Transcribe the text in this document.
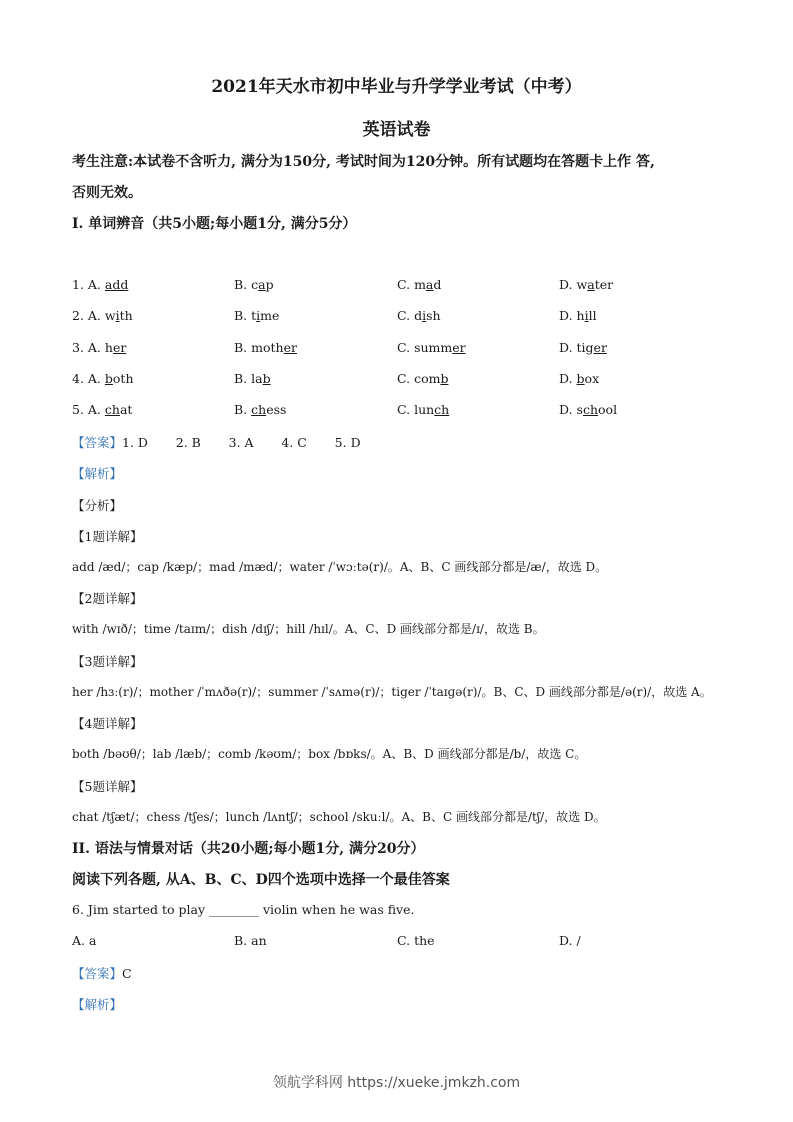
2021年天水市初中毕业与升学学业考试（中考）
英语试卷
考生注意:本试卷不含听力, 满分为150分, 考试时间为120分钟。所有试题均在答题卡上作 答,
否则无效。
I. 单词辨音（共5小题;每小题1分, 满分5分）
1. A. add	B. cap	C. mad	D. water
2. A. with	B. time	C. dish	D. hill
3. A. her	B. mother	C. summer	D. tiger
4. A. both	B. lab	C. comb	D. box
5. A. chat	B. chess	C. lunch	D. school
【答案】1. D       2. B       3. A       4. C       5. D
【解析】
【分析】
【1题详解】
add /æd/；cap /kæp/；mad /mæd/；water /ˈwɔːtə(r)/。A、B、C 画线部分都是/æ/，故选 D。
【2题详解】
with /wɪð/；time /taɪm/；dish /dɪʃ/；hill /hɪl/。A、C、D 画线部分都是/ɪ/，故选 B。
【3题详解】
her /hɜː(r)/；mother /ˈmʌðə(r)/；summer /ˈsʌmə(r)/；tiger /ˈtaɪɡə(r)/。B、C、D 画线部分都是/ə(r)/，故选 A。
【4题详解】
both /bəʊθ/；lab /læb/；comb /kəʊm/；box /bɒks/。A、B、D 画线部分都是/b/，故选 C。
【5题详解】
chat /tʃæt/；chess /tʃes/；lunch /lʌntʃ/；school /skuːl/。A、B、C 画线部分都是/tʃ/，故选 D。
II. 语法与情景对话（共20小题;每小题1分, 满分20分）
阅读下列各题, 从A、B、C、D四个选项中选择一个最佳答案
6. Jim started to play ________ violin when he was five.
A. a	B. an	C. the	D. /
【答案】C
【解析】
领航学科网 https://xueke.jmkzh.com
